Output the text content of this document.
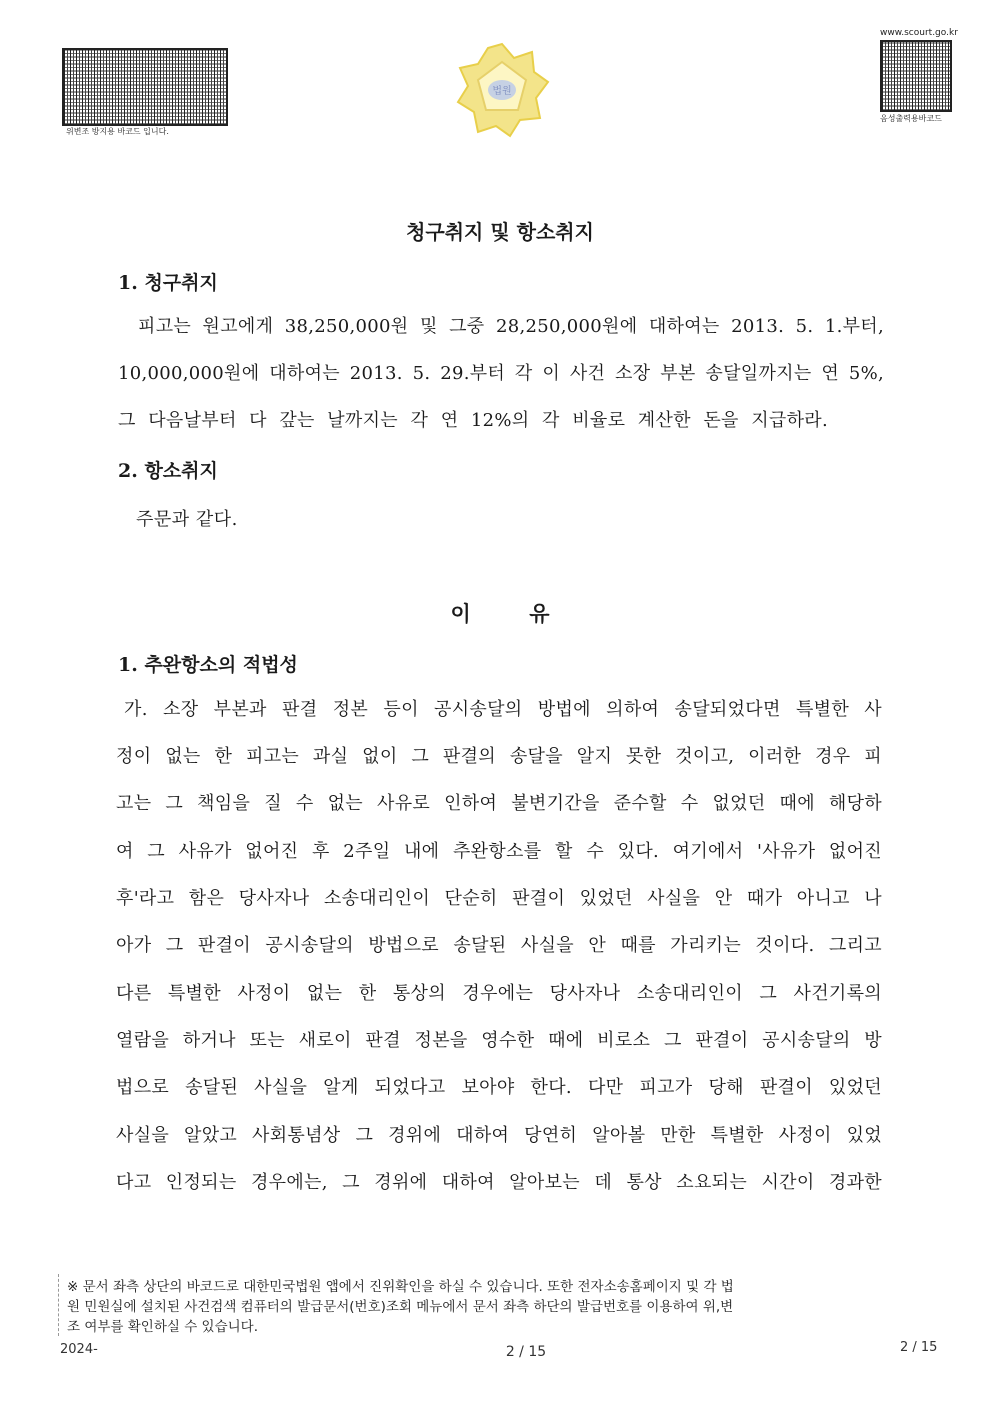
위변조 방지용 바코드 입니다.
법원
www.scourt.go.kr
음성출력용바코드
청구취지 및 항소취지
1. 청구취지
피고는 원고에게 38,250,000원 및 그중 28,250,000원에 대하여는 2013. 5. 1.부터,
10,000,000원에 대하여는 2013. 5. 29.부터 각 이 사건 소장 부본 송달일까지는 연 5%,
그 다음날부터 다 갚는 날까지는 각 연 12%의 각 비율로 계산한 돈을 지급하라.
2. 항소취지
주문과 같다.
이        유
1. 추완항소의 적법성
가. 소장 부본과 판결 정본 등이 공시송달의 방법에 의하여 송달되었다면 특별한 사
정이 없는 한 피고는 과실 없이 그 판결의 송달을 알지 못한 것이고, 이러한 경우 피
고는 그 책임을 질 수 없는 사유로 인하여 불변기간을 준수할 수 없었던 때에 해당하
여 그 사유가 없어진 후 2주일 내에 추완항소를 할 수 있다. 여기에서 '사유가 없어진
후'라고 함은 당사자나 소송대리인이 단순히 판결이 있었던 사실을 안 때가 아니고 나
아가 그 판결이 공시송달의 방법으로 송달된 사실을 안 때를 가리키는 것이다. 그리고
다른 특별한 사정이 없는 한 통상의 경우에는 당사자나 소송대리인이 그 사건기록의
열람을 하거나 또는 새로이 판결 정본을 영수한 때에 비로소 그 판결이 공시송달의 방
법으로 송달된 사실을 알게 되었다고 보아야 한다. 다만 피고가 당해 판결이 있었던
사실을 알았고 사회통념상 그 경위에 대하여 당연히 알아볼 만한 특별한 사정이 있었
다고 인정되는 경우에는, 그 경위에 대하여 알아보는 데 통상 소요되는 시간이 경과한
※ 문서 좌측 상단의 바코드로 대한민국법원 앱에서 진위확인을 하실 수 있습니다. 또한 전자소송홈페이지 및 각 법
원 민원실에 설치된 사건검색 컴퓨터의 발급문서(번호)조회 메뉴에서 문서 좌측 하단의 발급번호를 이용하여 위,변
조 여부를 확인하실 수 있습니다.
2024-	2 / 15	2 / 15
